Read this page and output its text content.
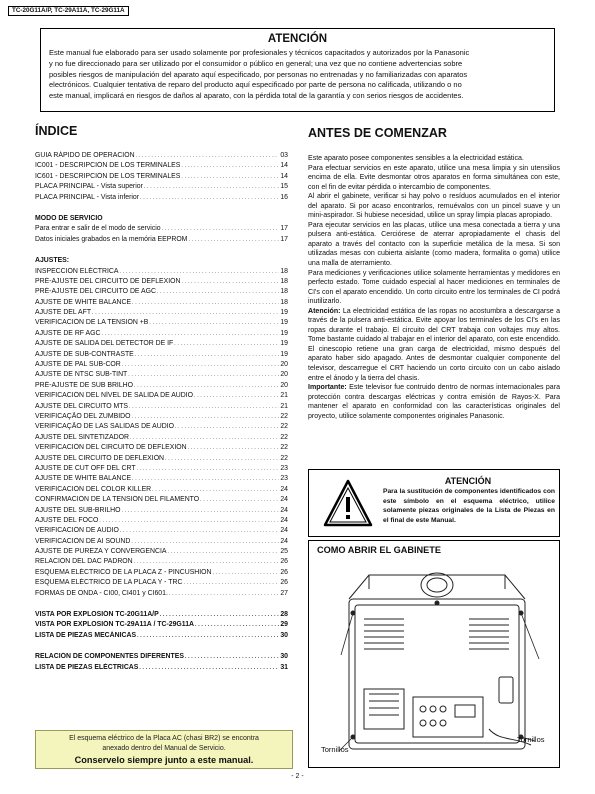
TC-20G11A/P, TC-29A11A, TC-29G11A
ATENCIÓN
Este manual fue elaborado para ser usado solamente por profesionales y técnicos capacitados y autorizados por la Panasonic
y no fue direccionado para ser utilizado por el consumidor o público en general; una vez que no contiene advertencias sobre
posibles riesgos de manipulación del aparato aquí especificado, por personas no entrenadas y no familiarizadas con aparatos
electrónicos. Cualquier tentativa de reparo del producto aquí especificado por parte de persona no calificada, utilizando o no
este manual, implicará en riesgos de daños al aparato, con la pérdida total de la garantía y con serios riesgos de accidentes.
ÍNDICE
GUIA RÁPIDO DE OPERACIÓN . . .	03
IC001 - DESCRIPCIÓN DE LOS TERMINALES . . .	14
IC601 - DESCRIPCIÓN DE LOS TERMINALES . . .	14
PLACA PRINCIPAL - Vista superior . . .	15
PLACA PRINCIPAL - Vista inferior . . .	16
MODO DE SERVICIO
Para entrar e salir de el modo de servicio . . .	17
Datos iniciales grabados en la memória EEPROM . . .	17
AJUSTES:
INSPECCIÓN ELÉCTRICA . . .	18
PRÉ-AJUSTE DEL CIRCUITO DE DEFLEXIÓN . . .	18
PRÉ-AJUSTE DEL CIRCUITO DE AGC . . .	18
AJUSTE DE WHITE BALANCE . . .	18
AJUSTE DEL AFT . . .	19
VERIFICACIÓN DE LA TENSIÓN +B . . .	19
AJUSTE DE RF AGC . . .	19
AJUSTE DE SALIDA DEL DETECTOR DE IF . . .	19
AJUSTE DE SUB-CONTRASTE . . .	19
AJUSTE DE PAL SUB-COR . . .	20
AJUSTE DE NTSC SUB-TINT . . .	20
PRÉ-AJUSTE DE SUB BRILHO . . .	20
VERIFICACIÓN DEL NÍVEL DE SALIDA DE AUDIO . . .	21
AJUSTE DEL CIRCUITO MTS . . .	21
VERIFICAÇÃO DEL ZUMBIDO . . .	22
VERIFICAÇÃO DE LAS SALIDAS DE AUDIO . . .	22
AJUSTE DEL SINTETIZADOR . . .	22
VERIFICACIÓN DEL CIRCUITO DE DEFLEXIÓN . . .	22
AJUSTE DEL CIRCUITO DE DEFLEXIÓN . . .	22
AJUSTE DE CUT OFF DEL CRT . . .	23
AJUSTE DE WHITE BALANCE . . .	23
VERIFICACIÓN DEL COLOR KILLER . . .	24
CONFIRMACIÓN DE LA TENSIÓN DEL FILAMENTO . . .	24
AJUSTE DEL SUB-BRILHO . . .	24
AJUSTE DEL FOCO . . .	24
VERIFICACIÓN DE AUDIO . . .	24
VERIFICACIÓN DE AI SOUND . . .	24
AJUSTE DE PUREZA Y CONVERGENCIA . . .	25
RELACIÓN DEL DAC PADRON . . .	26
ESQUEMA ELÉCTRICO DE LA PLACA Z - PINCUSHION . . .	26
ESQUEMA ELÉCTRICO DE LA PLACA Y - TRC . . .	26
FORMAS DE ONDA - CI00, CI401 y CI601. . . .	27
VISTA POR EXPLOSIÓN TC-20G11A/P . . .	28
VISTA POR EXPLOSIÓN TC-29A11A / TC-29G11A . . .	29
LISTA DE PIEZAS MECÁNICAS . . .	30
RELACIÓN DE COMPONENTES DIFERENTES . . .	30
LISTA DE PIEZAS ELÉCTRICAS . . .	31
El esquema eléctrico de la Placa AC (chasi BR2) se encontra
anexado dentro del Manual de Servicio.
Conservelo siempre junto a este manual.
ANTES DE COMENZAR
Este aparato posee componentes sensibles a la electricidad estática.
Para efectuar servicios en este aparato, utilice una mesa limpia y sin utensilios encima de ella. Evite desmontar otros aparatos en forma simultánea con este, con el fin de evitar pérdida o intercambio de componentes.
Al abrir el gabinete, verificar si hay polvo o resíduos acumulados en el interior del aparato. Si por acaso encontrarlos, remuévalos con un pincel suave y un mini-aspirador. Si hubiese necesidad, utilice un spray limpia placas apropiado.
Para ejecutar servicios en las placas, utilice una mesa conectada a tierra y una pulsera anti-estática. Cerciórese de aterrar apropiadamente el chasis del aparato a través del contacto con la superficie metálica de la mesa. Si son utilizadas mesas con cubierta aislante (como madera, formalita o goma) utilice una malla de aterramiento.
Para mediciones y verificaciones utilice solamente herramientas y medidores en perfecto estado. Tome cuidado especial al hacer mediciones en terminales de CI's con el aparato encendido. Un corto circuito entre los terminales de CI podrá inutilizarlo.
Atención: La electricidad estática de las ropas no acostumbra a descargarse a través de la pulsera anti-estática. Evite apoyar los terminales de los CI's en las ropas durante el trabajo. El circuito del CRT trabaja con voltajes muy altos. Tome bastante cuidado al trabajar en el interior del aparato, con este encendido. El cinescopio retiene una gran carga de electricidad, mismo después del aparato haber sido apagado. Antes de desmontar cualquier componente del televisor, descarregue el CRT haciendo un corto circuito con un cabo aislado entre el ánodo y la tierra del chasis.
Importante: Este televisor fue contruido dentro de normas internacionales para protección contra descargas eléctricas y contra emisión de Rayos-X. Para mantener el aparato en conformidad con las características originales del proyecto, utilice solamente componentes originales Panasonic.
ATENCIÓN
Para la sustitución de componentes identificados con este símbolo en el esquema eléctrico, utilice solamente piezas originales de la Lista de Piezas en el final de este Manual.
COMO ABRIR EL GABINETE
Tornillos
Tornillos
- 2 -
